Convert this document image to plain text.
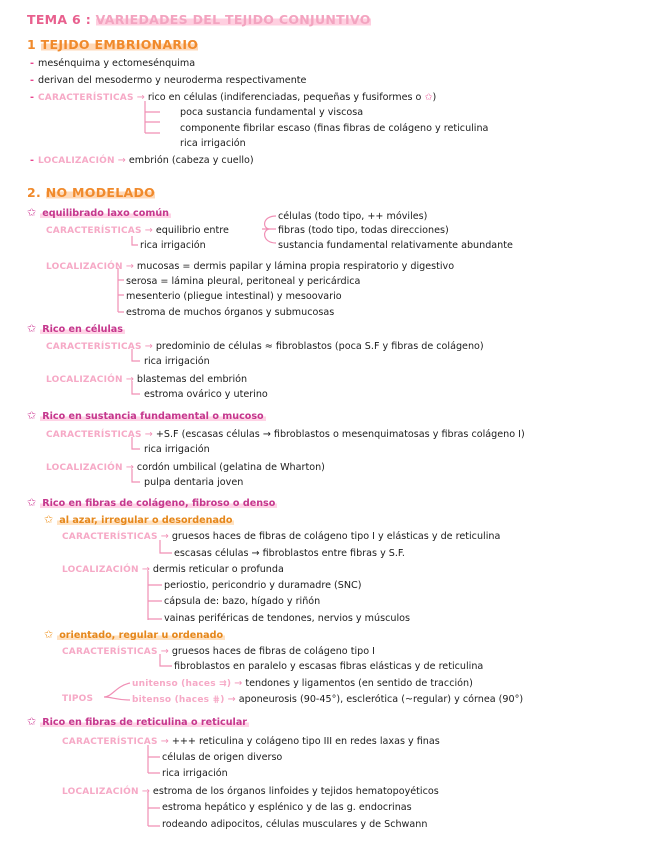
TEMA 6 : VARIEDADES DEL TEJIDO CONJUNTIVO
1 TEJIDO EMBRIONARIO
- mesénquima y ectomesénquima
- derivan del mesodermo y neuroderma respectivamente
- CARACTERÍSTICAS → rico en células (indiferenciadas, pequeñas y fusiformes o ✩)
poca sustancia fundamental y viscosa
componente fibrilar escaso (finas fibras de colágeno y reticulina
rica irrigación
- LOCALIZACIÓN → embrión (cabeza y cuello)
2. NO MODELADO
✩ equilibrado laxo común	células (todo tipo, ++ móviles)
CARACTERÍSTICAS → equilibrio entre	fibras (todo tipo, todas direcciones)
rica irrigación	sustancia fundamental relativamente abundante
LOCALIZACIÓN → mucosas = dermis papilar y lámina propia respiratorio y digestivo
serosa = lámina pleural, peritoneal y pericárdica
mesenterio (pliegue intestinal) y mesoovario
estroma de muchos órganos y submucosas
✩ Rico en células
CARACTERÍSTICAS → predominio de células ≈ fibroblastos (poca S.F y fibras de colágeno)
rica irrigación
LOCALIZACIÓN → blastemas del embrión
estroma ovárico y uterino
✩ Rico en sustancia fundamental o mucoso
CARACTERÍSTICAS → +S.F (escasas células → fibroblastos o mesenquimatosas y fibras colágeno I)
rica irrigación
LOCALIZACIÓN → cordón umbilical (gelatina de Wharton)
pulpa dentaria joven
✩ Rico en fibras de colágeno, fibroso o denso
✩ al azar, irregular o desordenado
CARACTERÍSTICAS → gruesos haces de fibras de colágeno tipo I y elásticas y de reticulina
escasas células → fibroblastos entre fibras y S.F.
LOCALIZACIÓN → dermis reticular o profunda
periostio, pericondrio y duramadre (SNC)
cápsula de: bazo, hígado y riñón
vainas periféricas de tendones, nervios y músculos
✩ orientado, regular u ordenado
CARACTERÍSTICAS → gruesos haces de fibras de colágeno tipo I
fibroblastos en paralelo y escasas fibras elásticas y de reticulina
unitenso (haces ⇉) → tendones y ligamentos (en sentido de tracción)
TIPOS	bitenso (haces ⋕) → aponeurosis (90-45°), esclerótica (~regular) y córnea (90°)
✩ Rico en fibras de reticulina o reticular
CARACTERÍSTICAS → +++ reticulina y colágeno tipo III en redes laxas y finas
células de origen diverso
rica irrigación
LOCALIZACIÓN → estroma de los órganos linfoides y tejidos hematopoyéticos
estroma hepático y esplénico y de las g. endocrinas
rodeando adipocitos, células musculares y de Schwann
